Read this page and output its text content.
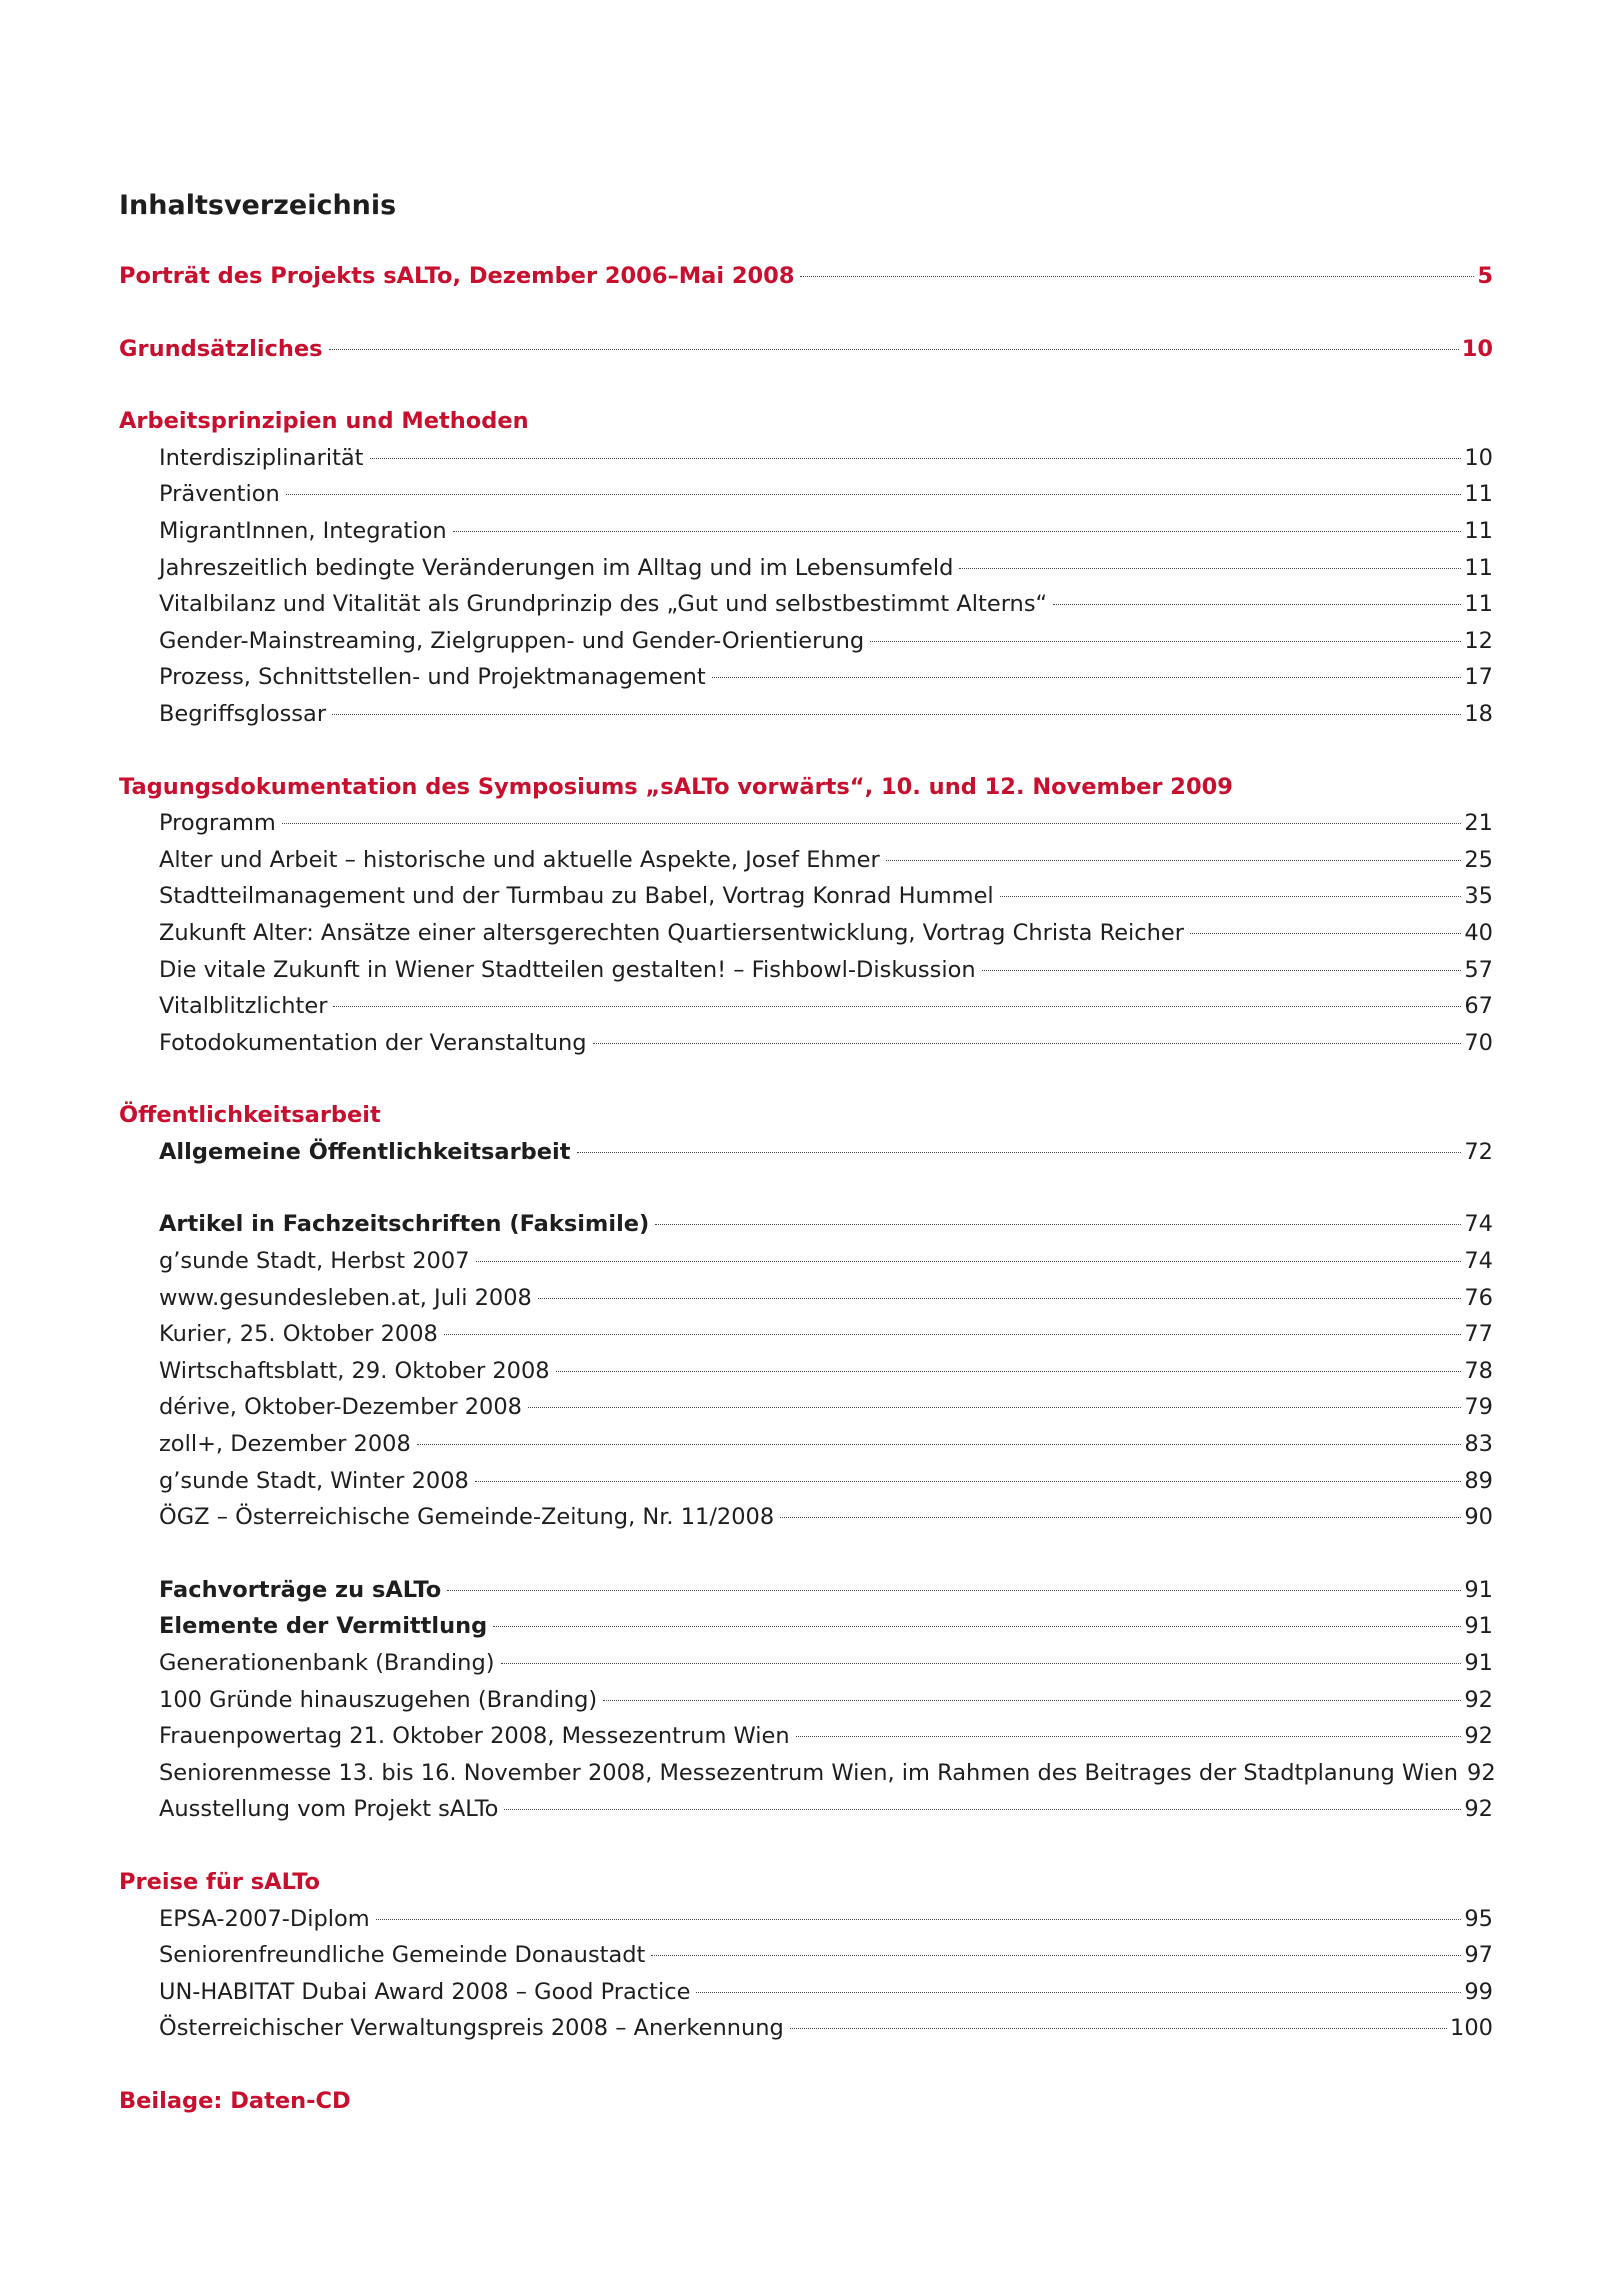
Inhaltsverzeichnis
Porträt des Projekts sALTo, Dezember 2006–Mai 2008	5
Grundsätzliches	10
Arbeitsprinzipien und Methoden
Interdisziplinarität	10
Prävention	11
MigrantInnen, Integration	11
Jahreszeitlich bedingte Veränderungen im Alltag und im Lebensumfeld	11
Vitalbilanz und Vitalität als Grundprinzip des „Gut und selbstbestimmt Alterns“	11
Gender-Mainstreaming, Zielgruppen- und Gender-Orientierung	12
Prozess, Schnittstellen- und Projektmanagement	17
Begriffsglossar	18
Tagungsdokumentation des Symposiums „sALTo vorwärts“, 10. und 12. November 2009
Programm	21
Alter und Arbeit – historische und aktuelle Aspekte, Josef Ehmer	25
Stadtteilmanagement und der Turmbau zu Babel, Vortrag Konrad Hummel	35
Zukunft Alter: Ansätze einer altersgerechten Quartiersentwicklung, Vortrag Christa Reicher	40
Die vitale Zukunft in Wiener Stadtteilen gestalten! – Fishbowl-Diskussion	57
Vitalblitzlichter	67
Fotodokumentation der Veranstaltung	70
Öffentlichkeitsarbeit
Allgemeine Öffentlichkeitsarbeit	72
Artikel in Fachzeitschriften (Faksimile)	74
g’sunde Stadt, Herbst 2007	74
www.gesundesleben.at, Juli 2008	76
Kurier, 25. Oktober 2008	77
Wirtschaftsblatt, 29. Oktober 2008	78
dérive, Oktober-Dezember 2008	79
zoll+, Dezember 2008	83
g’sunde Stadt, Winter 2008	89
ÖGZ – Österreichische Gemeinde-Zeitung, Nr. 11/2008	90
Fachvorträge zu sALTo	91
Elemente der Vermittlung	91
Generationenbank (Branding)	91
100 Gründe hinauszugehen (Branding)	92
Frauenpowertag 21. Oktober 2008, Messezentrum Wien	92
Seniorenmesse 13. bis 16. November 2008, Messezentrum Wien, im Rahmen des Beitrages der Stadtplanung Wien 92
Ausstellung vom Projekt sALTo	92
Preise für sALTo
EPSA-2007-Diplom	95
Seniorenfreundliche Gemeinde Donaustadt	97
UN-HABITAT Dubai Award 2008 – Good Practice	99
Österreichischer Verwaltungspreis 2008 – Anerkennung	100
Beilage: Daten-CD
